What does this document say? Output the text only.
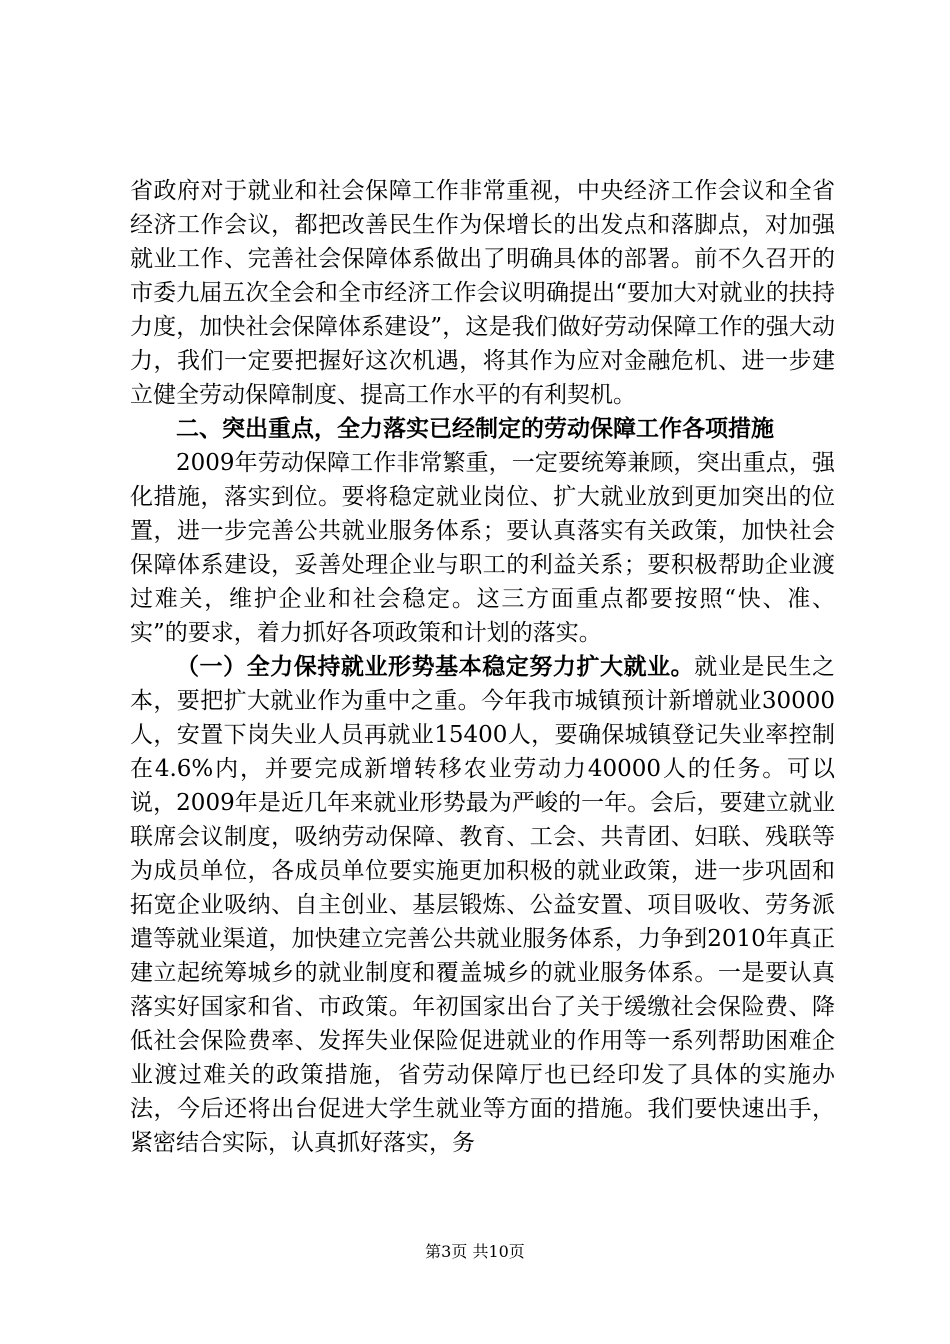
省政府对于就业和社会保障工作非常重视，中央经济工作会议和全省经济工作会议，都把改善民生作为保增长的出发点和落脚点，对加强就业工作、完善社会保障体系做出了明确具体的部署。前不久召开的市委九届五次全会和全市经济工作会议明确提出“要加大对就业的扶持力度，加快社会保障体系建设”，这是我们做好劳动保障工作的强大动力，我们一定要把握好这次机遇，将其作为应对金融危机、进一步建立健全劳动保障制度、提高工作水平的有利契机。

二、突出重点，全力落实已经制定的劳动保障工作各项措施

2009年劳动保障工作非常繁重，一定要统筹兼顾，突出重点，强化措施，落实到位。要将稳定就业岗位、扩大就业放到更加突出的位置，进一步完善公共就业服务体系；要认真落实有关政策，加快社会保障体系建设，妥善处理企业与职工的利益关系；要积极帮助企业渡过难关，维护企业和社会稳定。这三方面重点都要按照“快、准、实”的要求，着力抓好各项政策和计划的落实。

（一）全力保持就业形势基本稳定努力扩大就业。就业是民生之本，要把扩大就业作为重中之重。今年我市城镇预计新增就业30000人，安置下岗失业人员再就业15400人，要确保城镇登记失业率控制在4.6%内，并要完成新增转移农业劳动力40000人的任务。可以说，2009年是近几年来就业形势最为严峻的一年。会后，要建立就业联席会议制度，吸纳劳动保障、教育、工会、共青团、妇联、残联等为成员单位，各成员单位要实施更加积极的就业政策，进一步巩固和拓宽企业吸纳、自主创业、基层锻炼、公益安置、项目吸收、劳务派遣等就业渠道，加快建立完善公共就业服务体系，力争到2010年真正建立起统筹城乡的就业制度和覆盖城乡的就业服务体系。一是要认真落实好国家和省、市政策。年初国家出台了关于缓缴社会保险费、降低社会保险费率、发挥失业保险促进就业的作用等一系列帮助困难企业渡过难关的政策措施，省劳动保障厅也已经印发了具体的实施办法，今后还将出台促进大学生就业等方面的措施。我们要快速出手，紧密结合实际，认真抓好落实，务

第3页 共10页
